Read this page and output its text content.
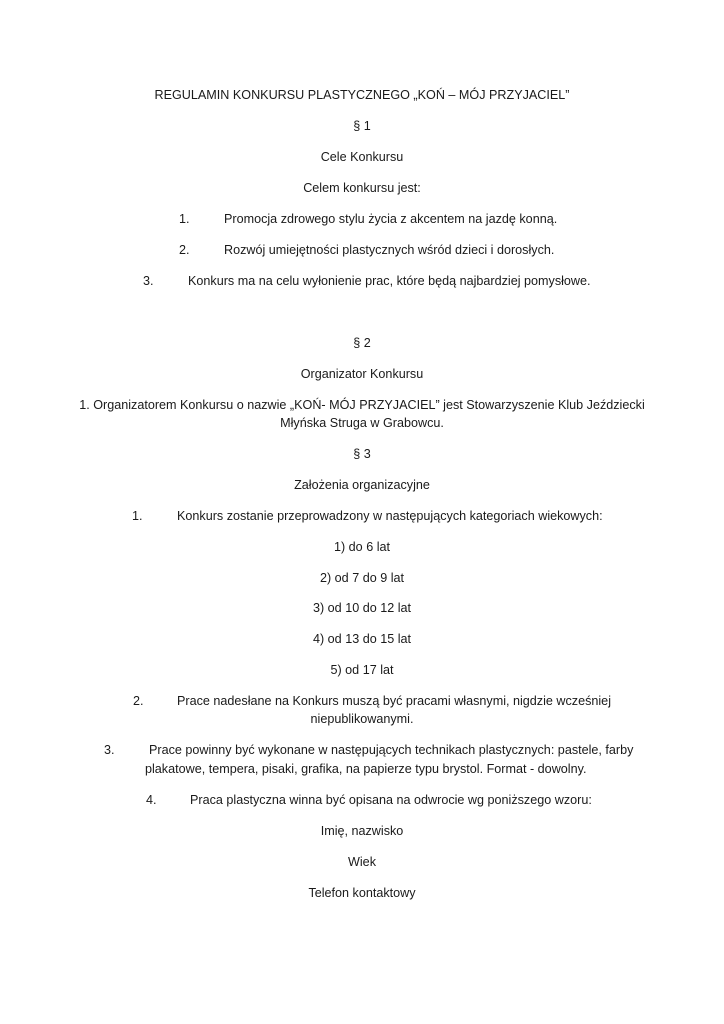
REGULAMIN KONKURSU PLASTYCZNEGO „KOŃ – MÓJ PRZYJACIEL”
§ 1
Cele Konkursu
Celem konkursu jest:
1.	Promocja zdrowego stylu życia z akcentem na jazdę konną.
2.	Rozwój umiejętności plastycznych wśród dzieci i dorosłych.
3.	Konkurs ma na celu wyłonienie prac, które będą najbardziej pomysłowe.
§ 2
Organizator Konkursu
1. Organizatorem Konkursu o nazwie „KOŃ- MÓJ PRZYJACIEL” jest Stowarzyszenie Klub Jeździecki
Młyńska Struga w Grabowcu.
§ 3
Założenia organizacyjne
1.	Konkurs zostanie przeprowadzony w następujących kategoriach wiekowych:
1) do 6 lat
2) od 7 do 9 lat
3) od 10 do 12 lat
4) od 13 do 15 lat
5) od 17 lat
2.	Prace nadesłane na Konkurs muszą być pracami własnymi, nigdzie wcześniej
niepublikowanymi.
3.	Prace powinny być wykonane w następujących technikach plastycznych: pastele, farby
plakatowe, tempera, pisaki, grafika, na papierze typu brystol. Format - dowolny.
4.	Praca plastyczna winna być opisana na odwrocie wg poniższego wzoru:
Imię, nazwisko
Wiek
Telefon kontaktowy
